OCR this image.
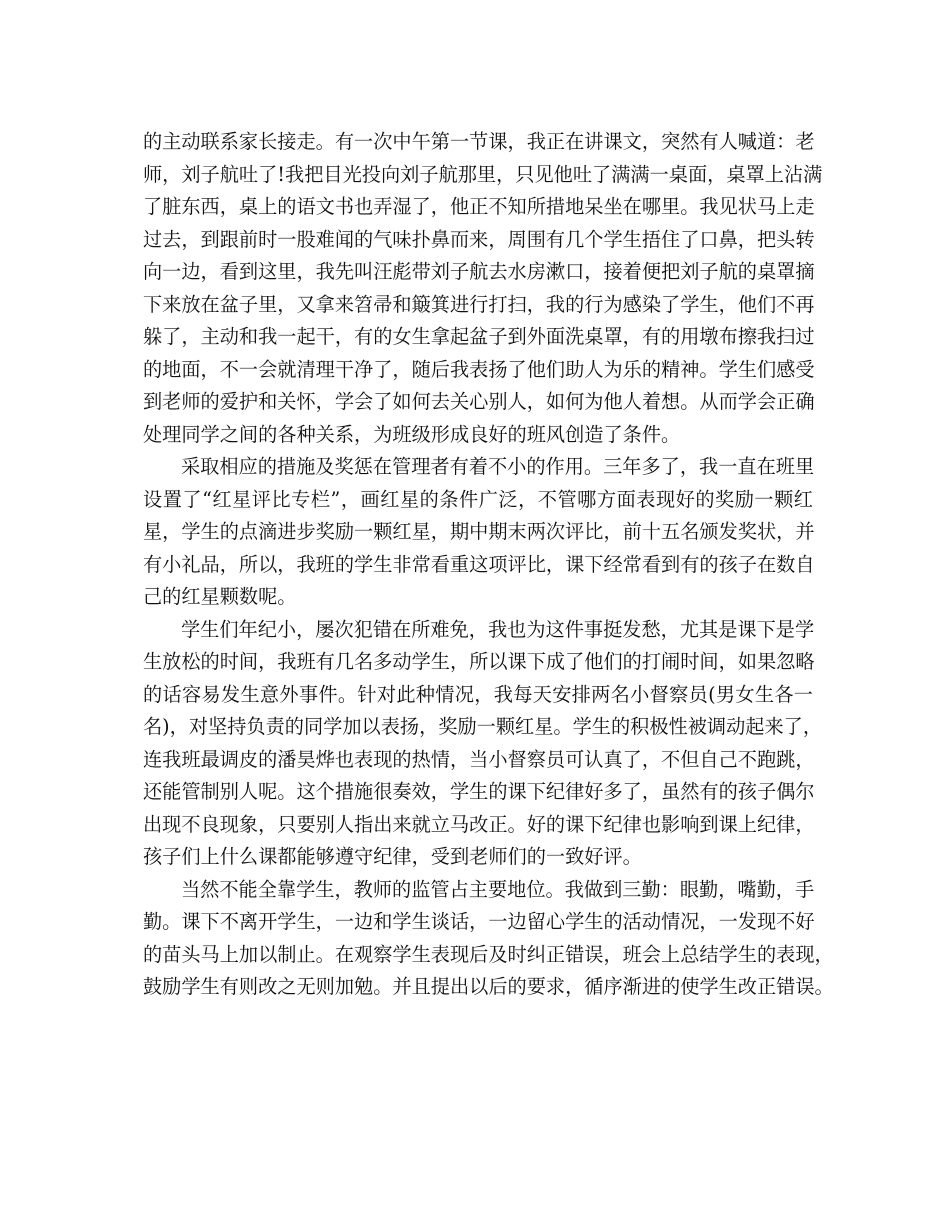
的主动联系家长接走。有一次中午第一节课，我正在讲课文，突然有人喊道：老
师，刘子航吐了!我把目光投向刘子航那里，只见他吐了满满一桌面，桌罩上沾满
了脏东西，桌上的语文书也弄湿了，他正不知所措地呆坐在哪里。我见状马上走
过去，到跟前时一股难闻的气味扑鼻而来，周围有几个学生捂住了口鼻，把头转
向一边，看到这里，我先叫汪彪带刘子航去水房漱口，接着便把刘子航的桌罩摘
下来放在盆子里，又拿来笤帚和簸箕进行打扫，我的行为感染了学生，他们不再
躲了，主动和我一起干，有的女生拿起盆子到外面洗桌罩，有的用墩布擦我扫过
的地面，不一会就清理干净了，随后我表扬了他们助人为乐的精神。学生们感受
到老师的爱护和关怀，学会了如何去关心别人，如何为他人着想。从而学会正确
处理同学之间的各种关系，为班级形成良好的班风创造了条件。
采取相应的措施及奖惩在管理者有着不小的作用。三年多了，我一直在班里
设置了“红星评比专栏”，画红星的条件广泛，不管哪方面表现好的奖励一颗红
星，学生的点滴进步奖励一颗红星，期中期末两次评比，前十五名颁发奖状，并
有小礼品，所以，我班的学生非常看重这项评比，课下经常看到有的孩子在数自
己的红星颗数呢。
学生们年纪小，屡次犯错在所难免，我也为这件事挺发愁，尤其是课下是学
生放松的时间，我班有几名多动学生，所以课下成了他们的打闹时间，如果忽略
的话容易发生意外事件。针对此种情况，我每天安排两名小督察员(男女生各一
名)，对坚持负责的同学加以表扬，奖励一颗红星。学生的积极性被调动起来了，
连我班最调皮的潘昊烨也表现的热情，当小督察员可认真了，不但自己不跑跳，
还能管制别人呢。这个措施很奏效，学生的课下纪律好多了，虽然有的孩子偶尔
出现不良现象，只要别人指出来就立马改正。好的课下纪律也影响到课上纪律，
孩子们上什么课都能够遵守纪律，受到老师们的一致好评。
当然不能全靠学生，教师的监管占主要地位。我做到三勤：眼勤，嘴勤，手
勤。课下不离开学生，一边和学生谈话，一边留心学生的活动情况，一发现不好
的苗头马上加以制止。在观察学生表现后及时纠正错误，班会上总结学生的表现，
鼓励学生有则改之无则加勉。并且提出以后的要求，循序渐进的使学生改正错误。
